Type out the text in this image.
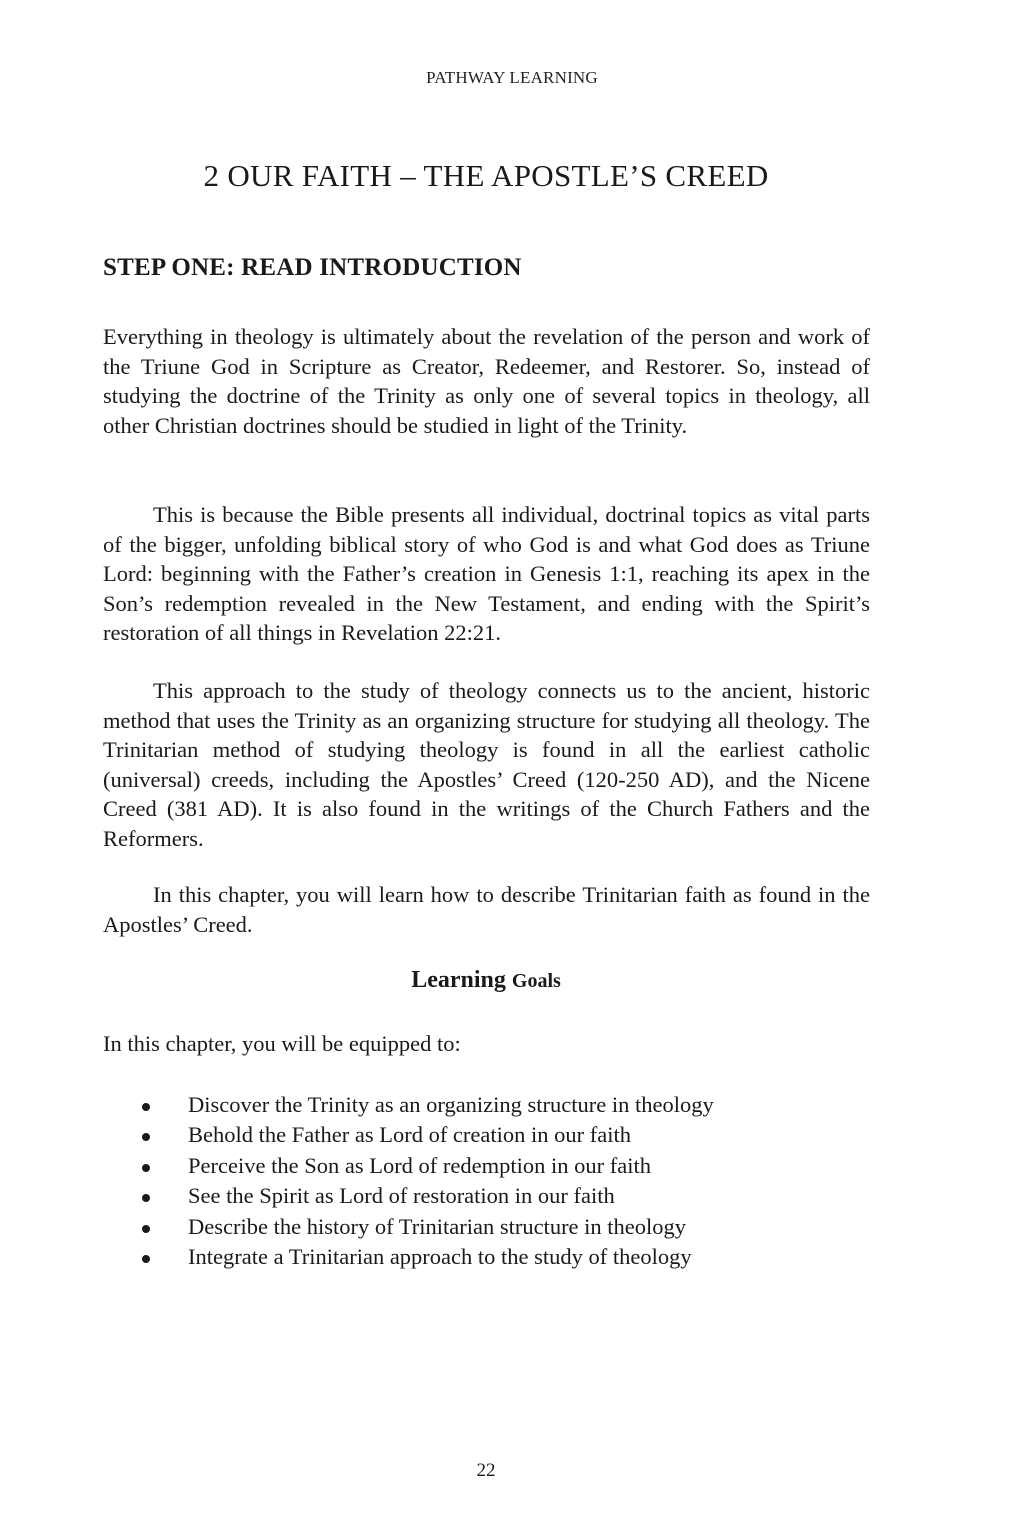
PATHWAY LEARNING
2 OUR FAITH – THE APOSTLE’S CREED
STEP ONE: READ INTRODUCTION

Everything in theology is ultimately about the revelation of the person and work of the Triune God in Scripture as Creator, Redeemer, and Restorer. So, instead of studying the doctrine of the Trinity as only one of several topics in theology, all other Christian doctrines should be studied in light of the Trinity.

This is because the Bible presents all individual, doctrinal topics as vital parts of the bigger, unfolding biblical story of who God is and what God does as Triune Lord: beginning with the Father’s creation in Genesis 1:1, reaching its apex in the Son’s redemption revealed in the New Testament, and ending with the Spirit’s restoration of all things in Revelation 22:21.

This approach to the study of theology connects us to the ancient, historic method that uses the Trinity as an organizing structure for studying all theology. The Trinitarian method of studying theology is found in all the earliest catholic (universal) creeds, including the Apostles’ Creed (120-250 AD), and the Nicene Creed (381 AD). It is also found in the writings of the Church Fathers and the Reformers.

In this chapter, you will learn how to describe Trinitarian faith as found in the Apostles’ Creed.

Learning Goals

In this chapter, you will be equipped to:

Discover the Trinity as an organizing structure in theology
Behold the Father as Lord of creation in our faith
Perceive the Son as Lord of redemption in our faith
See the Spirit as Lord of restoration in our faith
Describe the history of Trinitarian structure in theology
Integrate a Trinitarian approach to the study of theology
22
